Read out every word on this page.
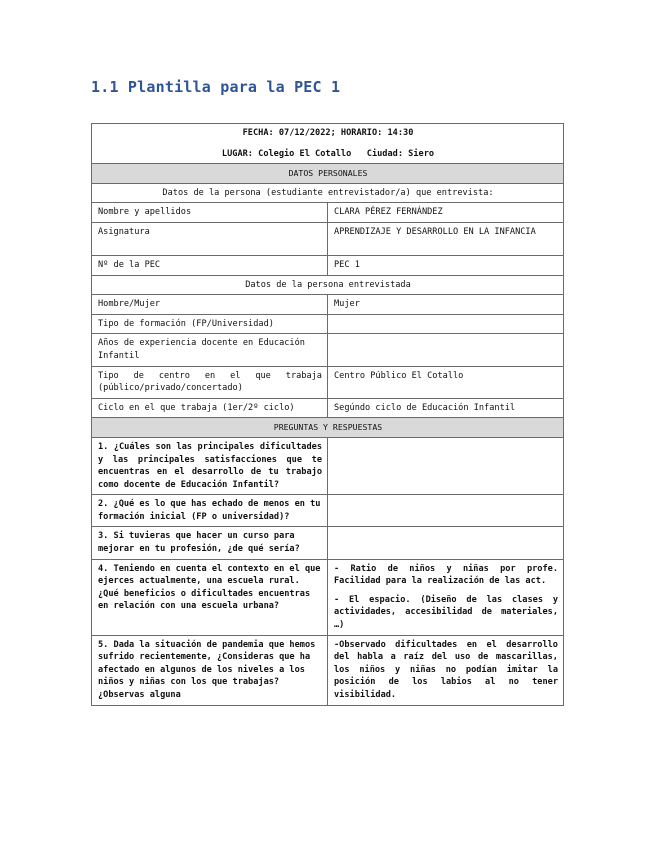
1.1 Plantilla para la PEC 1
FECHA: 07/12/2022; HORARIO: 14:30
LUGAR: Colegio El Cotallo   Ciudad: Siero	

DATOS PERSONALES	
Datos de la persona (estudiante entrevistador/a) que entrevista:	
Nombre y apellidos	CLARA PÉREZ FERNÁNDEZ
Asignatura	APRENDIZAJE Y DESARROLLO EN LA INFANCIA
Nº de la PEC	PEC 1
Datos de la persona entrevistada	
Hombre/Mujer	Mujer
Tipo de formación (FP/Universidad)	
Años de experiencia docente en Educación Infantil	
Tipo de centro en el que trabaja (público/privado/concertado)	Centro Público El Cotallo
Ciclo en el que trabaja (1er/2º ciclo)	Segúndo ciclo de Educación Infantil
PREGUNTAS Y RESPUESTAS	
1. ¿Cuáles son las principales dificultades y las principales satisfacciones que te encuentras en el desarrollo de tu trabajo como docente de Educación Infantil?	
2. ¿Qué es lo que has echado de menos en tu formación inicial (FP o universidad)?	
3. Si tuvieras que hacer un curso para mejorar en tu profesión, ¿de qué sería?	
4. Teniendo en cuenta el contexto en el que ejerces actualmente, una escuela rural. ¿Qué beneficios o dificultades encuentras en relación con una escuela urbana?	- Ratio de niños y niñas por profe. Facilidad para la realización de las act.

- El espacio. (Diseño de las clases y actividades, accesibilidad de materiales, …)

5. Dada la situación de pandemia que hemos sufrido recientemente, ¿Consideras que ha afectado en algunos de los niveles a los niños y niñas con los que trabajas? ¿Observas alguna	-Observado dificultades en el desarrollo del habla a raíz del uso de mascarillas, los niños y niñas no podían imitar la posición de los labios al no tener visibilidad.
